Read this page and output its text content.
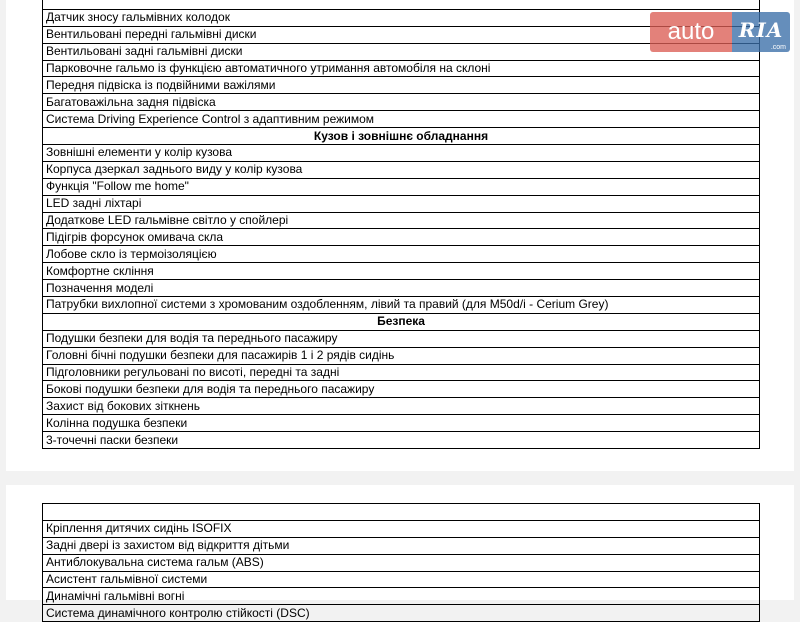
Датчик зносу гальмівних колодок
Вентильовані передні гальмівні диски
Вентильовані задні гальмівні диски
Парковочне гальмо із функцією автоматичного утримання автомобіля на склоні
Передня підвіска із подвійними важілями
Багатоважільна задня підвіска
Система Driving Experience Control з адаптивним режимом
Кузов і зовнішнє обладнання
Зовнішні елементи у колір кузова
Корпуса дзеркал заднього виду у колір кузова
Функція "Follow me home"
LED задні ліхтарі
Додаткове LED гальмівне світло у спойлері
Підігрів форсунок омивача скла
Лобове скло із термоізоляцією
Комфортне скління
Позначення моделі
Патрубки вихлопної системи з хромованим оздобленням, лівий та правий (для M50d/i - Cerium Grey)
Безпека
Подушки безпеки для водія та переднього пасажиру
Головні бічні подушки безпеки для пасажирів 1 і 2 рядів сидінь
Підголовники регульовані по висоті, передні та задні
Бокові подушки безпеки для водія та переднього пасажиру
Захист від бокових зіткнень
Колінна подушка безпеки
3-точечні паски безпеки

Кріплення дитячих сидінь ISOFIX
Задні двері із захистом від відкриття дітьми
Антиблокувальна система гальм (ABS)
Асистент гальмівної системи
Динамічні гальмівні вогні
Система динамічного контролю стійкості (DSC)
auto	RIA
.com
